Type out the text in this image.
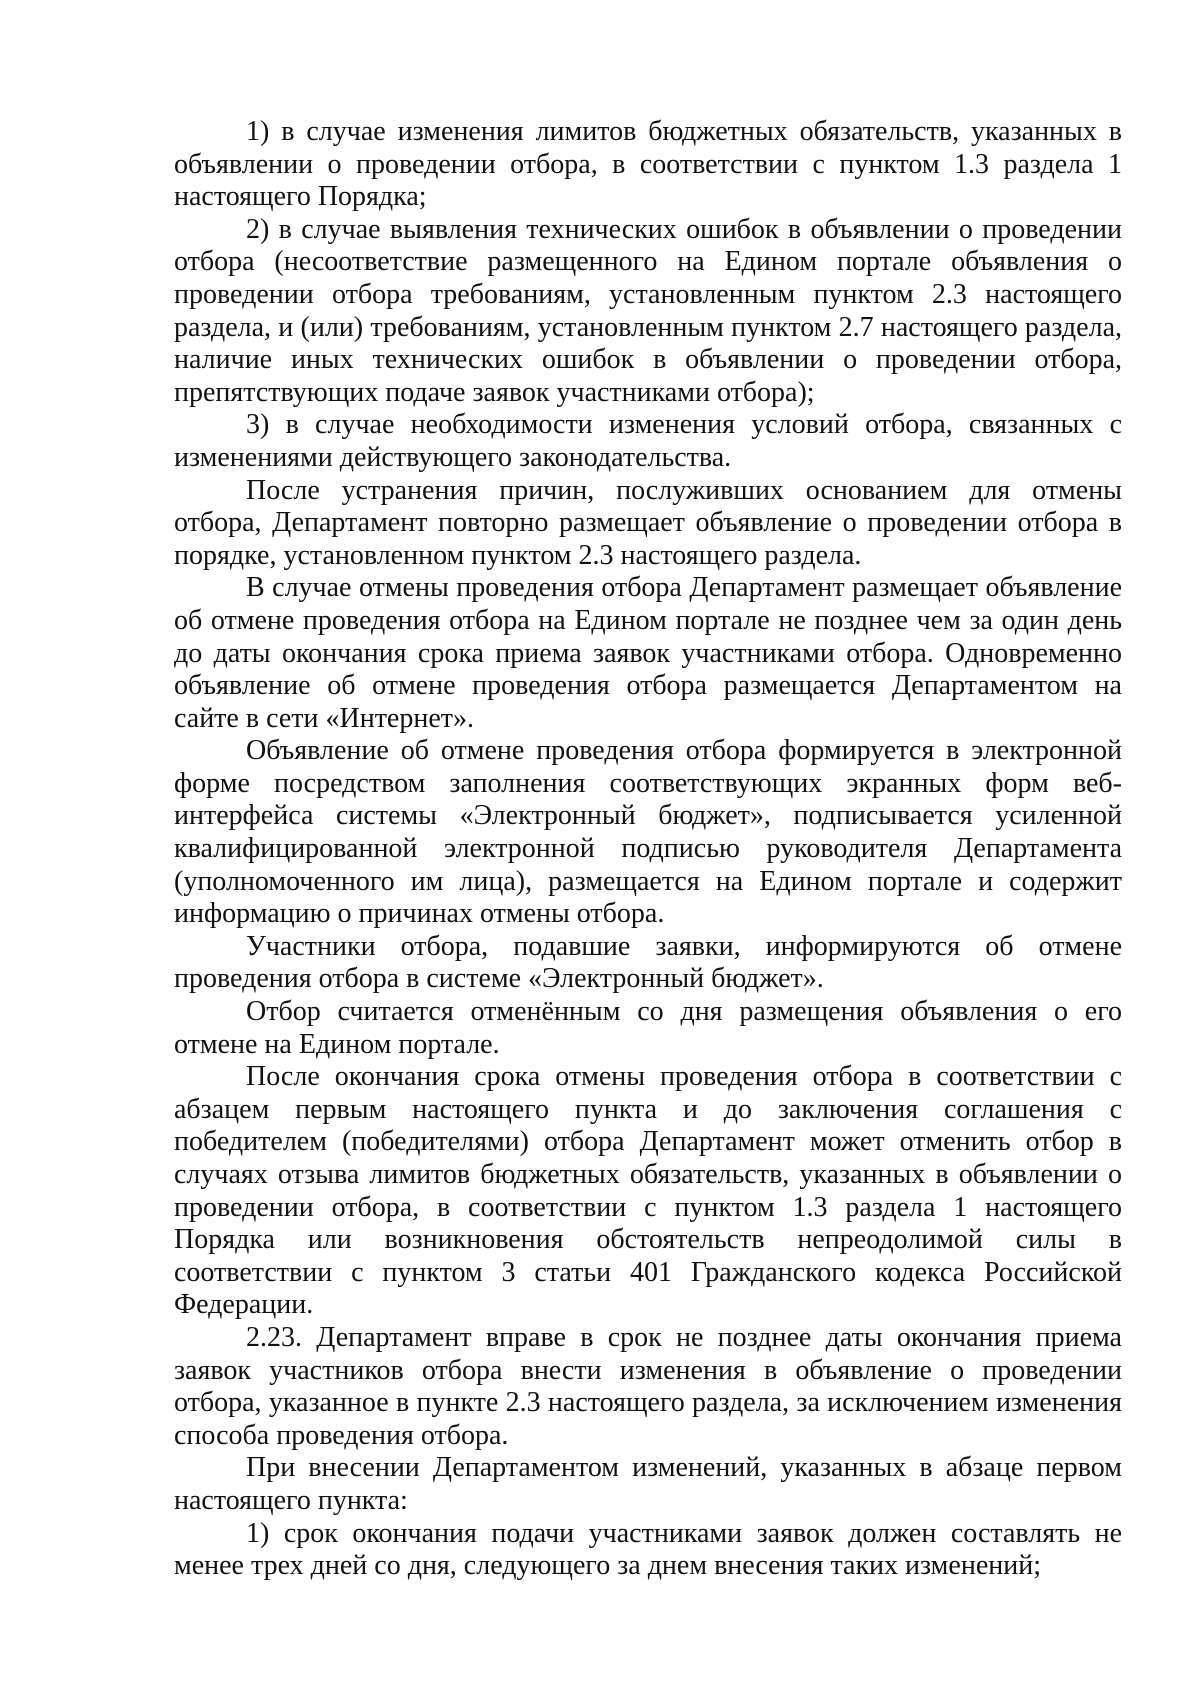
1) в случае изменения лимитов бюджетных обязательств, указанных в объявлении о проведении отбора, в соответствии с пунктом 1.3 раздела 1 настоящего Порядка;

2) в случае выявления технических ошибок в объявлении о проведении отбора (несоответствие размещенного на Едином портале объявления о проведении отбора требованиям, установленным пунктом 2.3 настоящего раздела, и (или) требованиям, установленным пунктом 2.7 настоящего раздела, наличие иных технических ошибок в объявлении о проведении отбора, препятствующих подаче заявок участниками отбора);

3) в случае необходимости изменения условий отбора, связанных с изменениями действующего законодательства.

После устранения причин, послуживших основанием для отмены отбора, Департамент повторно размещает объявление о проведении отбора в порядке, установленном пунктом 2.3 настоящего раздела.

В случае отмены проведения отбора Департамент размещает объявление об отмене проведения отбора на Едином портале не позднее чем за один день до даты окончания срока приема заявок участниками отбора. Одновременно объявление об отмене проведения отбора размещается Департаментом на сайте в сети «Интернет».

Объявление об отмене проведения отбора формируется в электронной форме посредством заполнения соответствующих экранных форм веб-интерфейса системы «Электронный бюджет», подписывается усиленной квалифицированной электронной подписью руководителя Департамента (уполномоченного им лица), размещается на Едином портале и содержит информацию о причинах отмены отбора.

Участники отбора, подавшие заявки, информируются об отмене проведения отбора в системе «Электронный бюджет».

Отбор считается отменённым со дня размещения объявления о его отмене на Едином портале.

После окончания срока отмены проведения отбора в соответствии с абзацем первым настоящего пункта и до заключения соглашения с победителем (победителями) отбора Департамент может отменить отбор в случаях отзыва лимитов бюджетных обязательств, указанных в объявлении о проведении отбора, в соответствии с пунктом 1.3 раздела 1 настоящего Порядка или возникновения обстоятельств непреодолимой силы в соответствии с пунктом 3 статьи 401 Гражданского кодекса Российской Федерации.

2.23. Департамент вправе в срок не позднее даты окончания приема заявок участников отбора внести изменения в объявление о проведении отбора, указанное в пункте 2.3 настоящего раздела, за исключением изменения способа проведения отбора.

При внесении Департаментом изменений, указанных в абзаце первом настоящего пункта:

1) срок окончания подачи участниками заявок должен составлять не менее трех дней со дня, следующего за днем внесения таких изменений;
